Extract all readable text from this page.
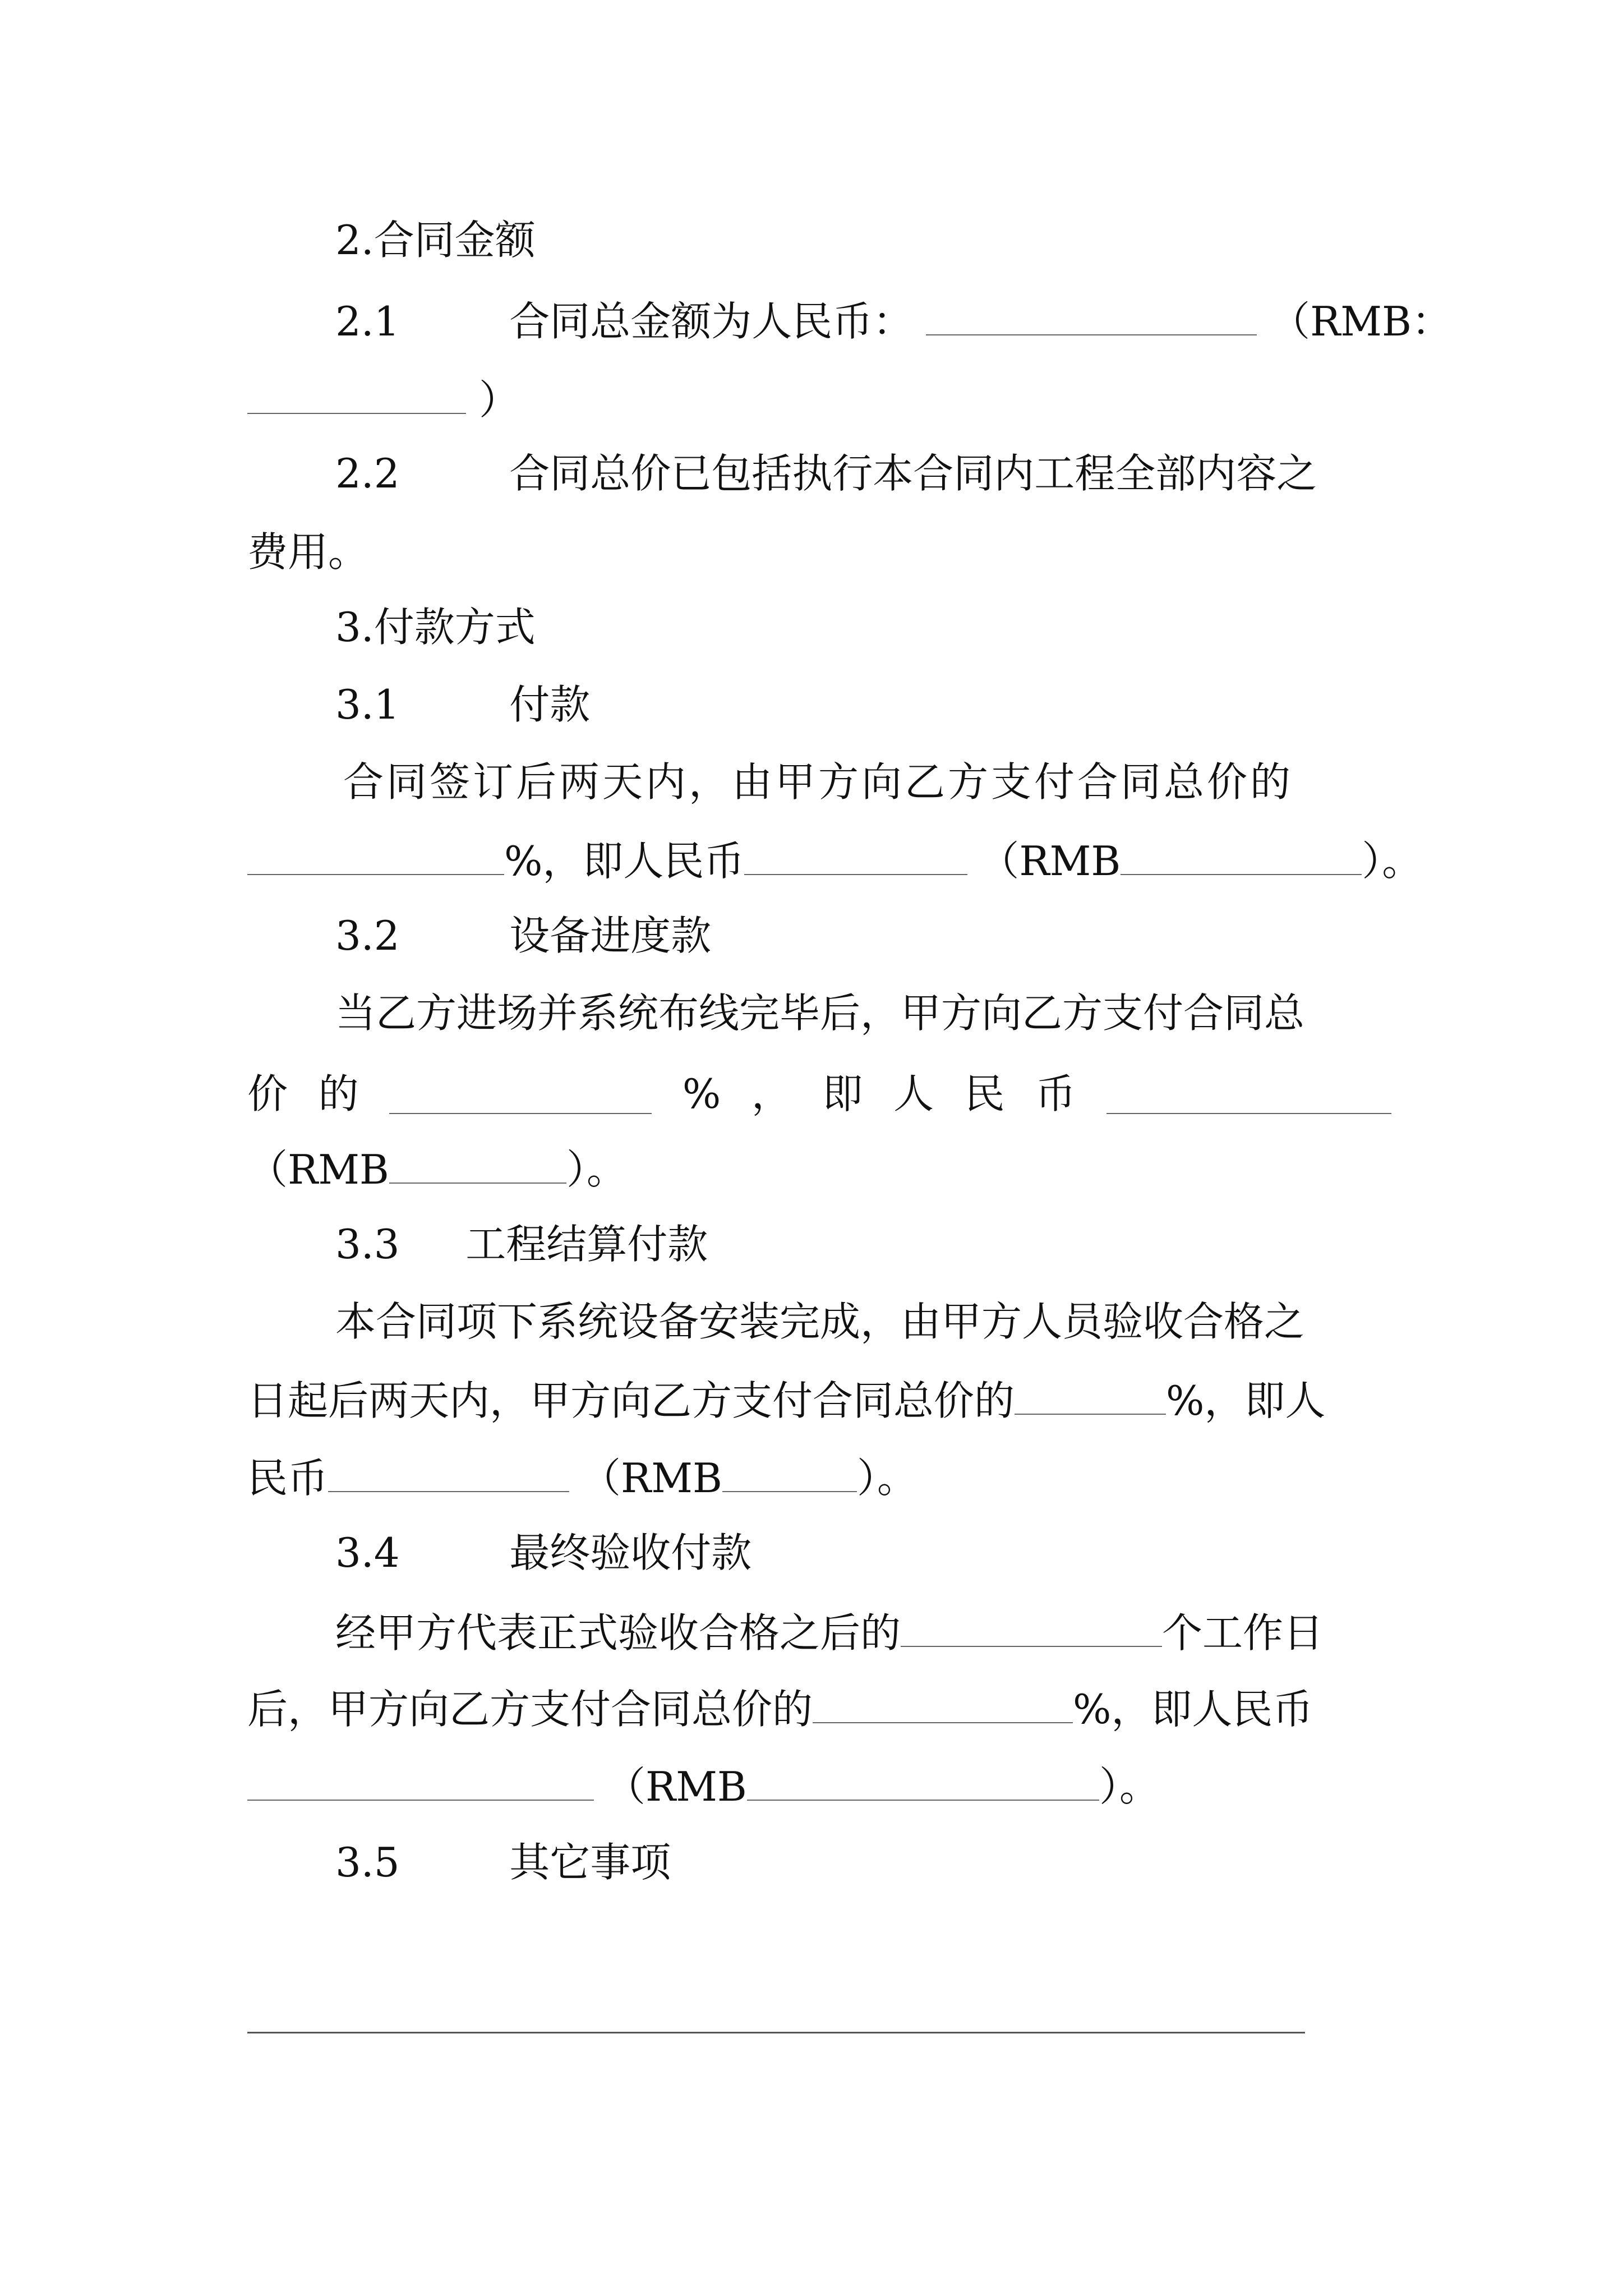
2.合同金额
2.1	合同总金额为人民币：	（RMB：
）
2.2	合同总价已包括执行本合同内工程全部内容之
费用。
3.付款方式
3.1	付款
合同签订后两天内，由甲方向乙方支付合同总价的
%，即人民币	（RMB	）。
3.2	设备进度款
当乙方进场并系统布线完毕后，甲方向乙方支付合同总
价 的	% ， 即 人 民 币
（RMB	）。
3.3 工程结算付款
本合同项下系统设备安装完成，由甲方人员验收合格之
日起后两天内，甲方向乙方支付合同总价的	%，即人
民币	（RMB	）。
3.4	最终验收付款
经甲方代表正式验收合格之后的	个工作日
后，甲方向乙方支付合同总价的	%，即人民币
（RMB	）。
3.5	其它事项
